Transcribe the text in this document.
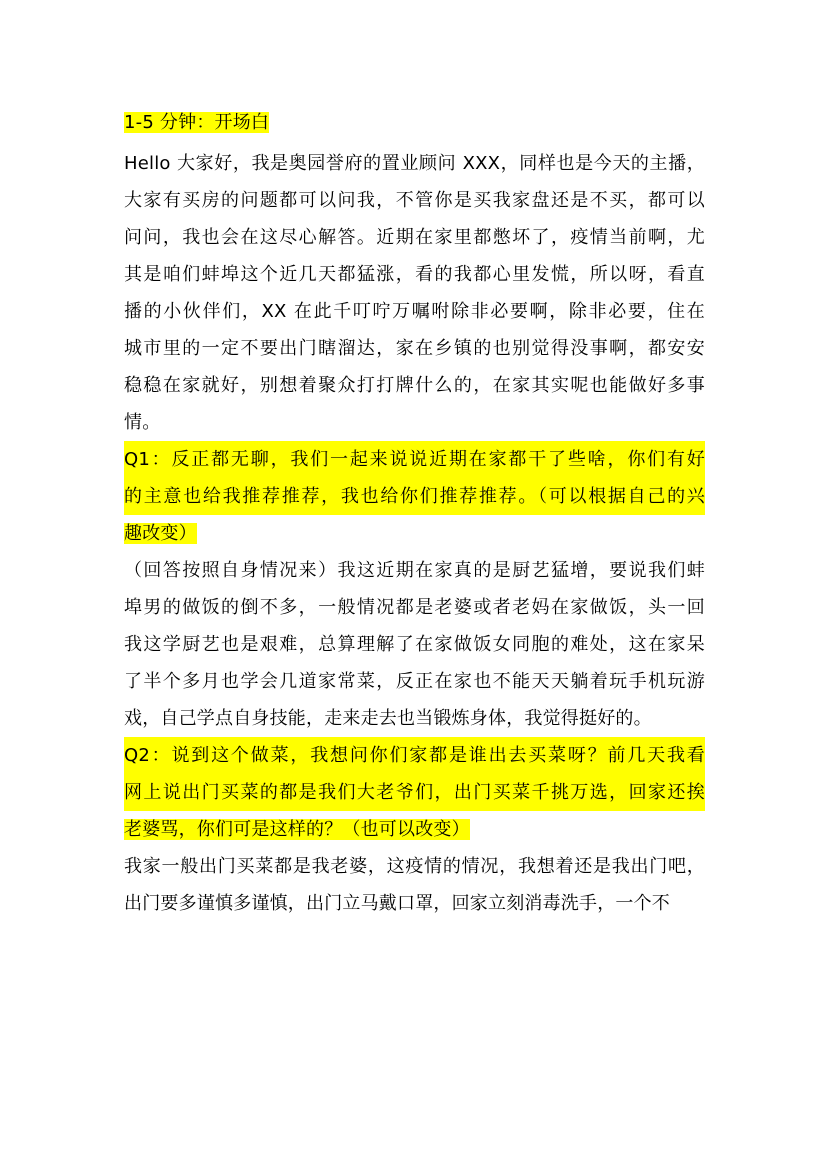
1-5 分钟：开场白
Hello 大家好，我是奥园誉府的置业顾问 XXX，同样也是今天的主播，
大家有买房的问题都可以问我，不管你是买我家盘还是不买，都可以
问问，我也会在这尽心解答。近期在家里都憋坏了，疫情当前啊，尤
其是咱们蚌埠这个近几天都猛涨，看的我都心里发慌，所以呀，看直
播的小伙伴们，XX 在此千叮咛万嘱咐除非必要啊，除非必要，住在
城市里的一定不要出门瞎溜达，家在乡镇的也别觉得没事啊，都安安
稳稳在家就好，别想着聚众打打牌什么的，在家其实呢也能做好多事
情。
Q1：反正都无聊，我们一起来说说近期在家都干了些啥，你们有好
的主意也给我推荐推荐，我也给你们推荐推荐。（可以根据自己的兴
趣改变）
（回答按照自身情况来）我这近期在家真的是厨艺猛增，要说我们蚌
埠男的做饭的倒不多，一般情况都是老婆或者老妈在家做饭，头一回
我这学厨艺也是艰难，总算理解了在家做饭女同胞的难处，这在家呆
了半个多月也学会几道家常菜，反正在家也不能天天躺着玩手机玩游
戏，自己学点自身技能，走来走去也当锻炼身体，我觉得挺好的。
Q2：说到这个做菜，我想问你们家都是谁出去买菜呀？前几天我看
网上说出门买菜的都是我们大老爷们，出门买菜千挑万选，回家还挨
老婆骂，你们可是这样的？（也可以改变）
我家一般出门买菜都是我老婆，这疫情的情况，我想着还是我出门吧，
出门要多谨慎多谨慎，出门立马戴口罩，回家立刻消毒洗手，一个不
